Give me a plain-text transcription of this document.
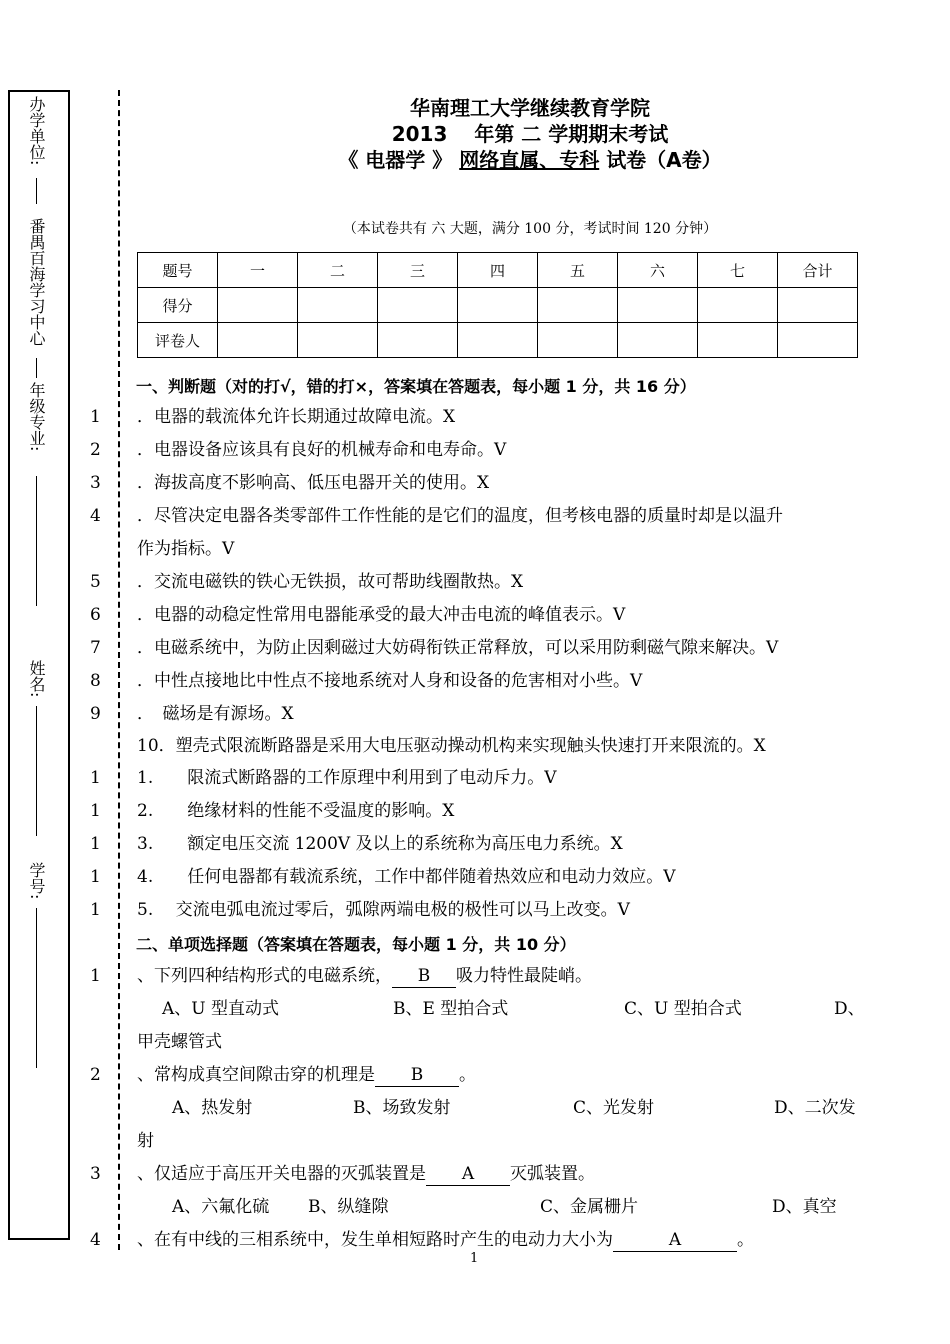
办学单位:
番禺百海学习中心
年级专业:
姓名:
学号:
华南理工大学继续教育学院
2013　 年第 二 学期期末考试
《 电器学 》 网络直属、专科 试卷（A卷）
（本试卷共有 六 大题，满分 100 分，考试时间 120 分钟）
题号	一	二	三	四	五	六	七	合计
得分								
评卷人								
一、判断题（对的打√，错的打×，答案填在答题表，每小题 1 分，共 16 分）
1 ．电器的载流体允许长期通过故障电流。X
2 ．电器设备应该具有良好的机械寿命和电寿命。V
3 ．海拔高度不影响高、低压电器开关的使用。X
4 ．尽管决定电器各类零部件工作性能的是它们的温度，但考核电器的质量时却是以温升
作为指标。V
5 ．交流电磁铁的铁心无铁损，故可帮助线圈散热。X
6 ．电器的动稳定性常用电器能承受的最大冲击电流的峰值表示。V
7 ．电磁系统中，为防止因剩磁过大妨碍衔铁正常释放，可以采用防剩磁气隙来解决。V
8 ．中性点接地比中性点不接地系统对人身和设备的危害相对小些。V
9 ．　磁场是有源场。X
10．塑壳式限流断路器是采用大电压驱动操动机构来实现触头快速打开来限流的。X
1 1.　　限流式断路器的工作原理中利用到了电动斥力。V
1 2.　　绝缘材料的性能不受温度的影响。X
1 3.　　额定电压交流 1200V 及以上的系统称为高压电力系统。X
1 4.　　任何电器都有载流系统，工作中都伴随着热效应和电动力效应。V
1 5.　 交流电弧电流过零后，弧隙两端电极的极性可以马上改变。V
二、单项选择题（答案填在答题表，每小题 1 分，共 10 分）
1 、下列四种结构形式的电磁系统， B 吸力特性最陡峭。
A、U 型直动式	B、E 型拍合式	C、U 型拍合式	D、
甲壳螺管式
2 、常构成真空间隙击穿的机理是 B 。
A、热发射	B、场致发射	C、光发射	D、二次发
射
3 、仅适应于高压开关电器的灭弧装置是 A 灭弧装置。
A、六氟化硫 B、纵缝隙	C、金属栅片	D、真空
4 、在有中线的三相系统中，发生单相短路时产生的电动力大小为	A	。
1
